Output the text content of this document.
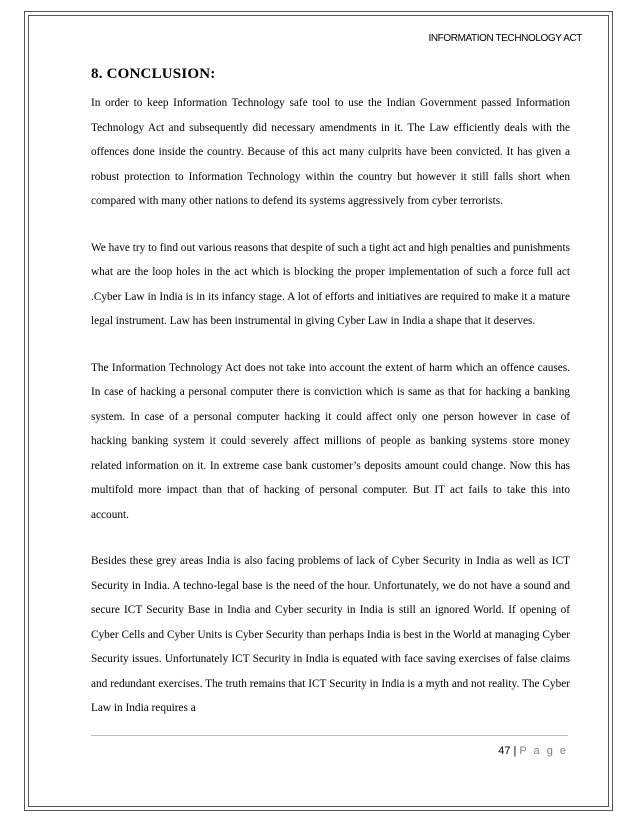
INFORMATION TECHNOLOGY ACT
8. CONCLUSION:

In order to keep Information Technology safe tool to use the Indian Government passed Information Technology Act and subsequently did necessary amendments in it. The Law efficiently deals with the offences done inside the country. Because of this act many culprits have been convicted. It has given a robust protection to Information Technology within the country but however it still falls short when compared with many other nations to defend its systems aggressively from cyber terrorists.

We have try to find out various reasons that despite of such a tight act and high penalties and punishments what are the loop holes in the act which is blocking the proper implementation of such a force full act .Cyber Law in India is in its infancy stage. A lot of efforts and initiatives are required to make it a mature legal instrument. Law has been instrumental in giving Cyber Law in India a shape that it deserves.

The Information Technology Act does not take into account the extent of harm which an offence causes. In case of hacking a personal computer there is conviction which is same as that for hacking a banking system. In case of a personal computer hacking it could affect only one person however in case of hacking banking system it could severely affect millions of people as banking systems store money related information on it. In extreme case bank customer’s deposits amount could change. Now this has multifold more impact than that of hacking of personal computer. But IT act fails to take this into account.

Besides these grey areas India is also facing problems of lack of Cyber Security in India as well as ICT Security in India. A techno-legal base is the need of the hour. Unfortunately, we do not have a sound and secure ICT Security Base in India and Cyber security in India is still an ignored World. If opening of Cyber Cells and Cyber Units is Cyber Security than perhaps India is best in the World at managing Cyber Security issues. Unfortunately ICT Security in India is equated with face saving exercises of false claims and redundant exercises. The truth remains that ICT Security in India is a myth and not reality. The Cyber Law in India requires a

47 | P a g e
